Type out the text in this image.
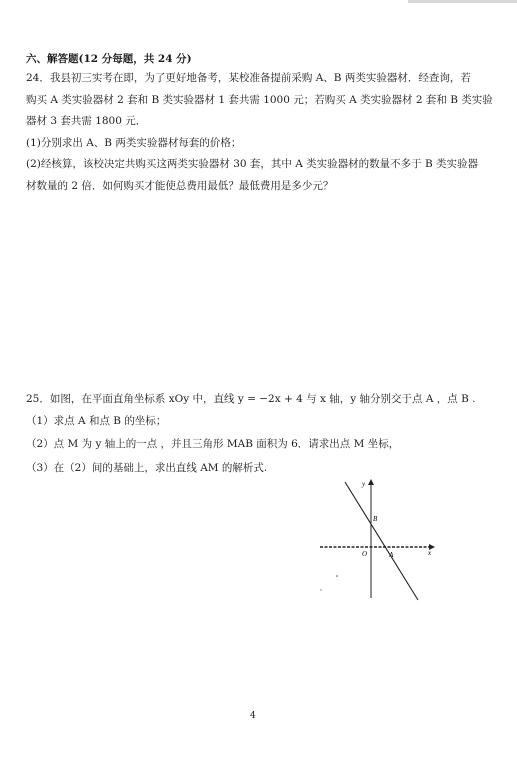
六、解答题(12 分每题，共 24 分)
24．我县初三实考在即，为了更好地备考，某校准备提前采购 A、B 两类实验器材．经查询，若
购买 A 类实验器材 2 套和 B 类实验器材 1 套共需 1000 元；若购买 A 类实验器材 2 套和 B 类实验
器材 3 套共需 1800 元．
(1)分别求出 A、B 两类实验器材每套的价格；
(2)经核算，该校决定共购买这两类实验器材 30 套，其中 A 类实验器材的数量不多于 B 类实验器
材数量的 2 倍．如何购买才能使总费用最低？最低费用是多少元？
25．如图，在平面直角坐标系 xOy 中，直线 y = −2x + 4 与 x 轴，y 轴分别交于点 A ，点 B .
（1）求点 A 和点 B 的坐标；
（2）点 M 为 y 轴上的一点 ，并且三角形 MAB 面积为 6．请求出点 M 坐标，
（3）在（2）间的基础上，求出直线 AM 的解析式.
y
x
B
O	A
4
